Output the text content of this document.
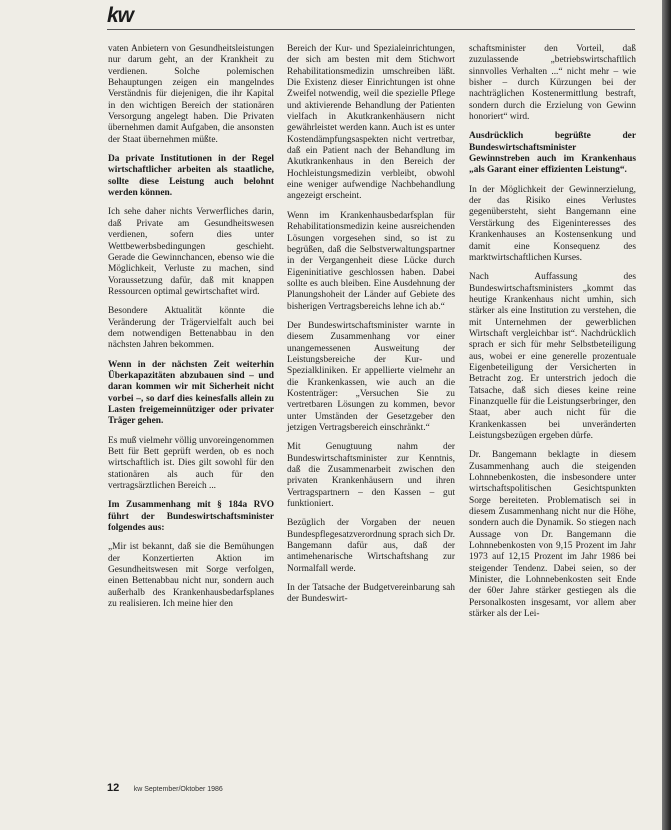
kw

vaten Anbietern von Gesundheitsleistungen nur darum geht, an der Krankheit zu verdienen. Solche polemischen Behauptungen zeigen ein mangelndes Verständnis für diejenigen, die ihr Kapital in den wichtigen Bereich der stationären Versorgung angelegt haben. Die Privaten übernehmen damit Aufgaben, die ansonsten der Staat übernehmen müßte.

Da private Institutionen in der Regel wirtschaftlicher arbeiten als staatliche, sollte diese Leistung auch belohnt werden können.

Ich sehe daher nichts Verwerfliches darin, daß Private am Gesundheitswesen verdienen, sofern dies unter Wettbewerbsbedingungen geschieht. Gerade die Gewinnchancen, ebenso wie die Möglichkeit, Verluste zu machen, sind Voraussetzung dafür, daß mit knappen Ressourcen optimal gewirtschaftet wird.

Besondere Aktualität könnte die Veränderung der Trägervielfalt auch bei dem notwendigen Bettenabbau in den nächsten Jahren bekommen.

Wenn in der nächsten Zeit weiterhin Überkapazitäten abzubauen sind – und daran kommen wir mit Sicherheit nicht vorbei –, so darf dies keinesfalls allein zu Lasten freigemeinnütziger oder privater Träger gehen.

Es muß vielmehr völlig unvoreingenommen Bett für Bett geprüft werden, ob es noch wirtschaftlich ist. Dies gilt sowohl für den stationären als auch für den vertragsärztlichen Bereich ...

Im Zusammenhang mit § 184a RVO führt der Bundeswirtschaftsminister folgendes aus:

„Mir ist bekannt, daß sie die Bemühungen der Konzertierten Aktion im Gesundheitswesen mit Sorge verfolgen, einen Bettenabbau nicht nur, sondern auch außerhalb des Krankenhausbedarfsplanes zu realisieren. Ich meine hier den

Bereich der Kur- und Spezialeinrichtungen, der sich am besten mit dem Stichwort Rehabilitationsmedizin umschreiben läßt. Die Existenz dieser Einrichtungen ist ohne Zweifel notwendig, weil die spezielle Pflege und aktivierende Behandlung der Patienten vielfach in Akutkrankenhäusern nicht gewährleistet werden kann. Auch ist es unter Kostendämpfungsaspekten nicht vertretbar, daß ein Patient nach der Behandlung im Akutkrankenhaus in den Bereich der Hochleistungsmedizin verbleibt, obwohl eine weniger aufwendige Nachbehandlung angezeigt erscheint.

Wenn im Krankenhausbedarfsplan für Rehabilitationsmedizin keine ausreichenden Lösungen vorgesehen sind, so ist zu begrüßen, daß die Selbstverwaltungspartner in der Vergangenheit diese Lücke durch Eigeninitiative geschlossen haben. Dabei sollte es auch bleiben. Eine Ausdehnung der Planungshoheit der Länder auf Gebiete des bisherigen Vertragsbereichs lehne ich ab.“

Der Bundeswirtschaftsminister warnte in diesem Zusammenhang vor einer unangemessenen Ausweitung der Leistungsbereiche der Kur- und Spezialkliniken. Er appellierte vielmehr an die Krankenkassen, wie auch an die Kostenträger: „Versuchen Sie zu vertretbaren Lösungen zu kommen, bevor unter Umständen der Gesetzgeber den jetzigen Vertragsbereich einschränkt.“

Mit Genugtuung nahm der Bundeswirtschaftsminister zur Kenntnis, daß die Zusammenarbeit zwischen den privaten Krankenhäusern und ihren Vertragspartnern – den Kassen – gut funktioniert.

Bezüglich der Vorgaben der neuen Bundespflegesatzverordnung sprach sich Dr. Bangemann dafür aus, daß der antimehenarische Wirtschaftshang zur Normalfall werde.

In der Tatsache der Budgetvereinbarung sah der Bundeswirt-

schaftsminister den Vorteil, daß zuzulassende „betriebswirtschaftlich sinnvolles Verhalten ...“ nicht mehr – wie bisher – durch Kürzungen bei der nachträglichen Kostenermittlung bestraft, sondern durch die Erzielung von Gewinn honoriert“ wird.

Ausdrücklich begrüßte der Bundeswirtschaftsminister Gewinnstreben auch im Krankenhaus „als Garant einer effizienten Leistung“.

In der Möglichkeit der Gewinnerzielung, der das Risiko eines Verlustes gegenübersteht, sieht Bangemann eine Verstärkung des Eigeninteresses des Krankenhauses an Kostensenkung und damit eine Konsequenz des marktwirtschaftlichen Kurses.

Nach Auffassung des Bundeswirtschaftsministers „kommt das heutige Krankenhaus nicht umhin, sich stärker als eine Institution zu verstehen, die mit Unternehmen der gewerblichen Wirtschaft vergleichbar ist“. Nachdrücklich sprach er sich für mehr Selbstbeteiligung aus, wobei er eine generelle prozentuale Eigenbeteiligung der Versicherten in Betracht zog. Er unterstrich jedoch die Tatsache, daß sich dieses keine reine Finanzquelle für die Leistungserbringer, den Staat, aber auch nicht für die Krankenkassen bei unveränderten Leistungsbezügen ergeben dürfe.

Dr. Bangemann beklagte in diesem Zusammenhang auch die steigenden Lohnnebenkosten, die insbesondere unter wirtschaftspolitischen Gesichtspunkten Sorge bereiteten. Problematisch sei in diesem Zusammenhang nicht nur die Höhe, sondern auch die Dynamik. So stiegen nach Aussage von Dr. Bangemann die Lohnnebenkosten von 9,15 Prozent im Jahr 1973 auf 12,15 Prozent im Jahr 1986 bei steigender Tendenz. Dabei seien, so der Minister, die Lohnnebenkosten seit Ende der 60er Jahre stärker gestiegen als die Personalkosten insgesamt, vor allem aber stärker als der Lei-

12 kw September/Oktober 1986
